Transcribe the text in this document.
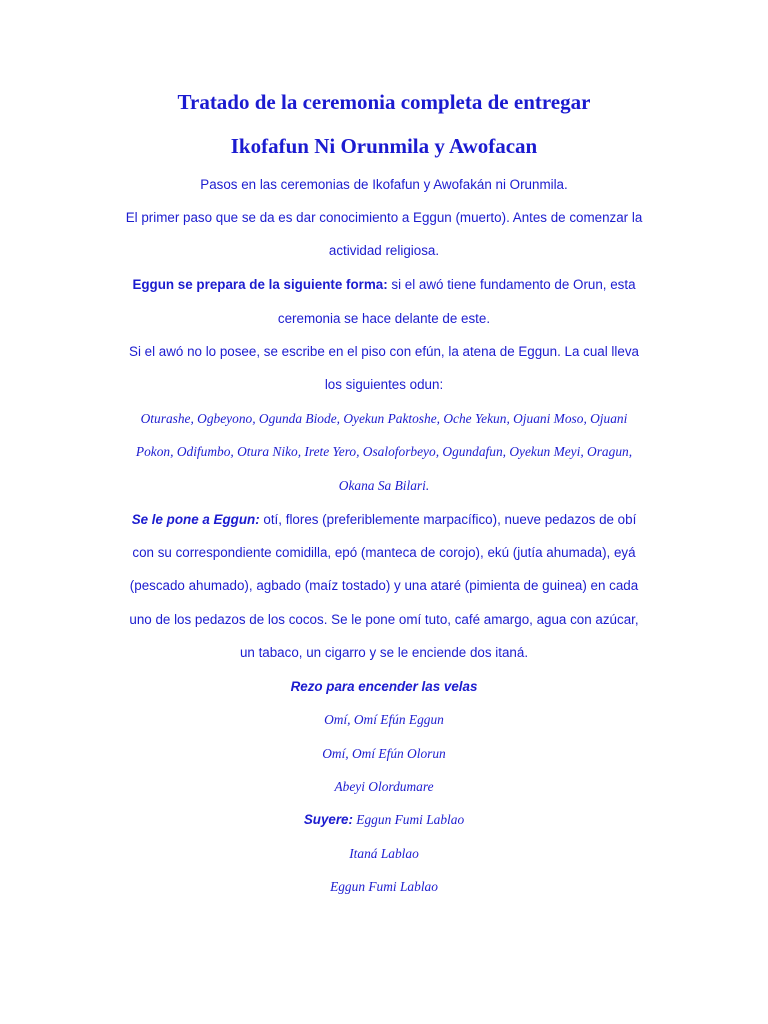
Tratado de la ceremonia completa de entregar
Ikofafun Ni Orunmila y Awofacan
Pasos en las ceremonias de Ikofafun y Awofakán ni Orunmila.
El primer paso que se da es dar conocimiento a Eggun (muerto). Antes de comenzar la
actividad religiosa.
Eggun se prepara de la siguiente forma: si el awó tiene fundamento de Orun, esta
ceremonia se hace delante de este.
Si el awó no lo posee, se escribe en el piso con efún, la atena de Eggun. La cual lleva
los siguientes odun:
Oturashe, Ogbeyono, Ogunda Biode, Oyekun Paktoshe, Oche Yekun, Ojuani Moso, Ojuani
Pokon, Odifumbo, Otura Niko, Irete Yero, Osaloforbeyo, Ogundafun, Oyekun Meyi, Oragun,
Okana Sa Bilari.
Se le pone a Eggun: otí, flores (preferiblemente marpacífico), nueve pedazos de obí
con su correspondiente comidilla, epó (manteca de corojo), ekú (jutía ahumada), eyá
(pescado ahumado), agbado (maíz tostado) y una ataré (pimienta de guinea) en cada
uno de los pedazos de los cocos. Se le pone omí tuto, café amargo, agua con azúcar,
un tabaco, un cigarro y se le enciende dos itaná.
Rezo para encender las velas
Omí, Omí Efún Eggun
Omí, Omí Efún Olorun
Abeyi Olordumare
Suyere: Eggun Fumi Lablao
Itaná Lablao
Eggun Fumi Lablao
